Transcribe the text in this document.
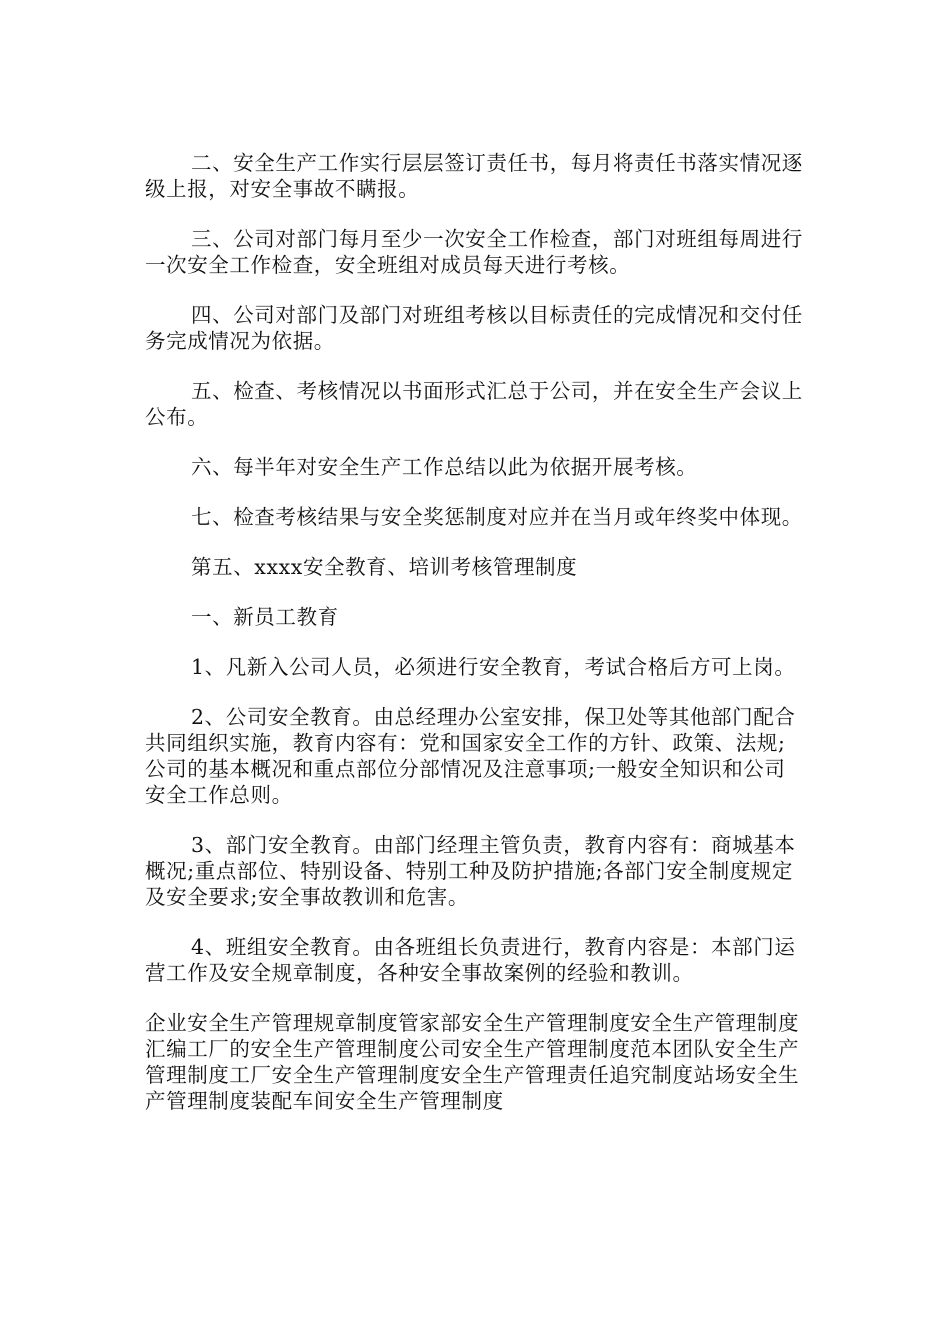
二、安全生产工作实行层层签订责任书，每月将责任书落实情况逐级上报，对安全事故不瞒报。

三、公司对部门每月至少一次安全工作检查，部门对班组每周进行一次安全工作检查，安全班组对成员每天进行考核。

四、公司对部门及部门对班组考核以目标责任的完成情况和交付任务完成情况为依据。

五、检查、考核情况以书面形式汇总于公司，并在安全生产会议上公布。

六、每半年对安全生产工作总结以此为依据开展考核。

七、检查考核结果与安全奖惩制度对应并在当月或年终奖中体现。

第五、xxxx安全教育、培训考核管理制度

一、新员工教育

1、凡新入公司人员，必须进行安全教育，考试合格后方可上岗。

2、公司安全教育。由总经理办公室安排，保卫处等其他部门配合共同组织实施，教育内容有：党和国家安全工作的方针、政策、法规;公司的基本概况和重点部位分部情况及注意事项;一般安全知识和公司安全工作总则。

3、部门安全教育。由部门经理主管负责，教育内容有：商城基本概况;重点部位、特别设备、特别工种及防护措施;各部门安全制度规定及安全要求;安全事故教训和危害。

4、班组安全教育。由各班组长负责进行，教育内容是：本部门运营工作及安全规章制度，各种安全事故案例的经验和教训。

企业安全生产管理规章制度管家部安全生产管理制度安全生产管理制度汇编工厂的安全生产管理制度公司安全生产管理制度范本团队安全生产管理制度工厂安全生产管理制度安全生产管理责任追究制度站场安全生产管理制度装配车间安全生产管理制度
